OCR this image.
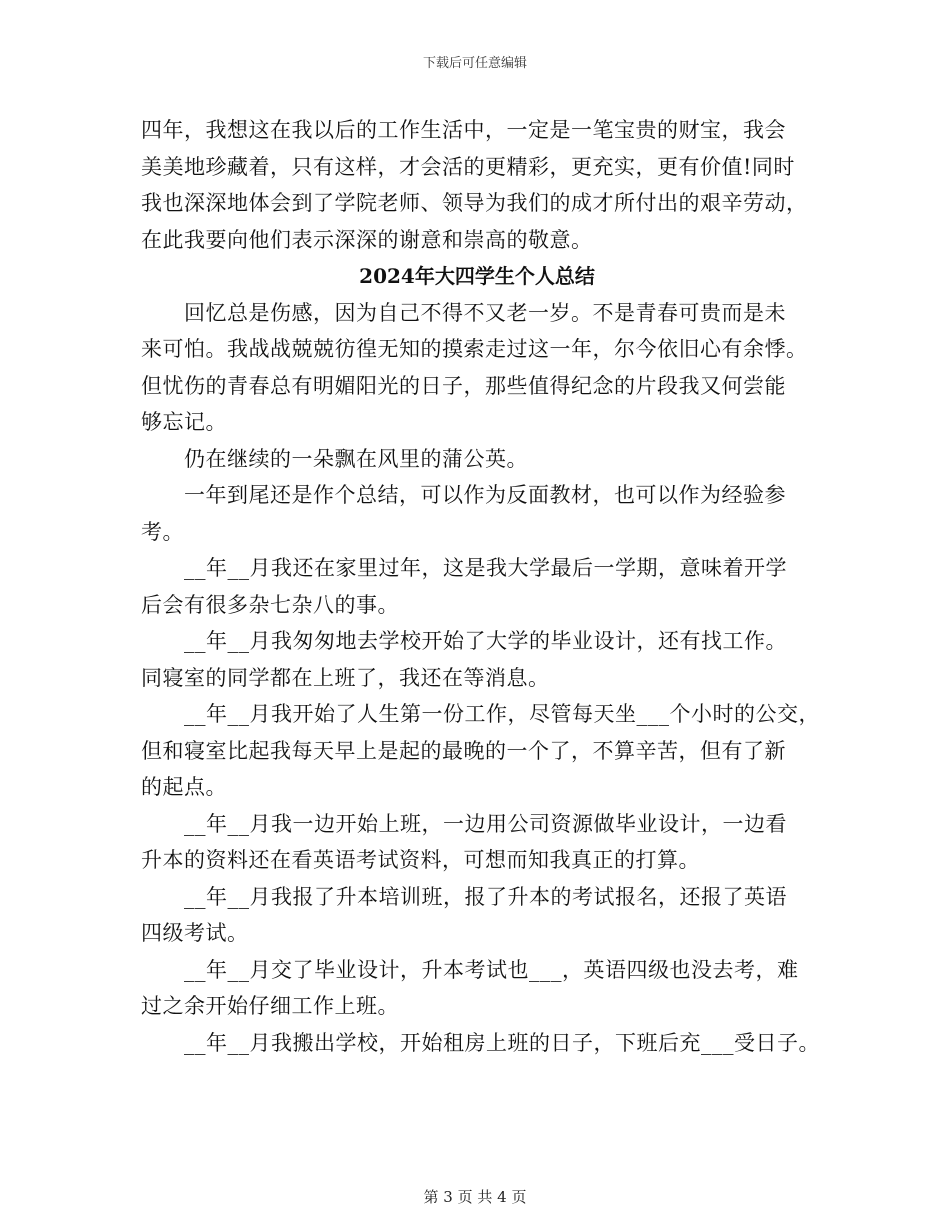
下载后可任意编辑
四年，我想这在我以后的工作生活中，一定是一笔宝贵的财宝，我会
美美地珍藏着，只有这样，才会活的更精彩，更充实，更有价值!同时
我也深深地体会到了学院老师、领导为我们的成才所付出的艰辛劳动，
在此我要向他们表示深深的谢意和崇高的敬意。
2024年大四学生个人总结
回忆总是伤感，因为自己不得不又老一岁。不是青春可贵而是未
来可怕。我战战兢兢彷徨无知的摸索走过这一年，尔今依旧心有余悸。
但忧伤的青春总有明媚阳光的日子，那些值得纪念的片段我又何尝能
够忘记。
仍在继续的一朵飘在风里的蒲公英。
一年到尾还是作个总结，可以作为反面教材，也可以作为经验参
考。
__年__月我还在家里过年，这是我大学最后一学期，意味着开学
后会有很多杂七杂八的事。
__年__月我匆匆地去学校开始了大学的毕业设计，还有找工作。
同寝室的同学都在上班了，我还在等消息。
__年__月我开始了人生第一份工作，尽管每天坐___个小时的公交，
但和寝室比起我每天早上是起的最晚的一个了，不算辛苦，但有了新
的起点。
__年__月我一边开始上班，一边用公司资源做毕业设计，一边看
升本的资料还在看英语考试资料，可想而知我真正的打算。
__年__月我报了升本培训班，报了升本的考试报名，还报了英语
四级考试。
__年__月交了毕业设计，升本考试也___，英语四级也没去考，难
过之余开始仔细工作上班。
__年__月我搬出学校，开始租房上班的日子，下班后充___受日子。
第 3 页 共 4 页
